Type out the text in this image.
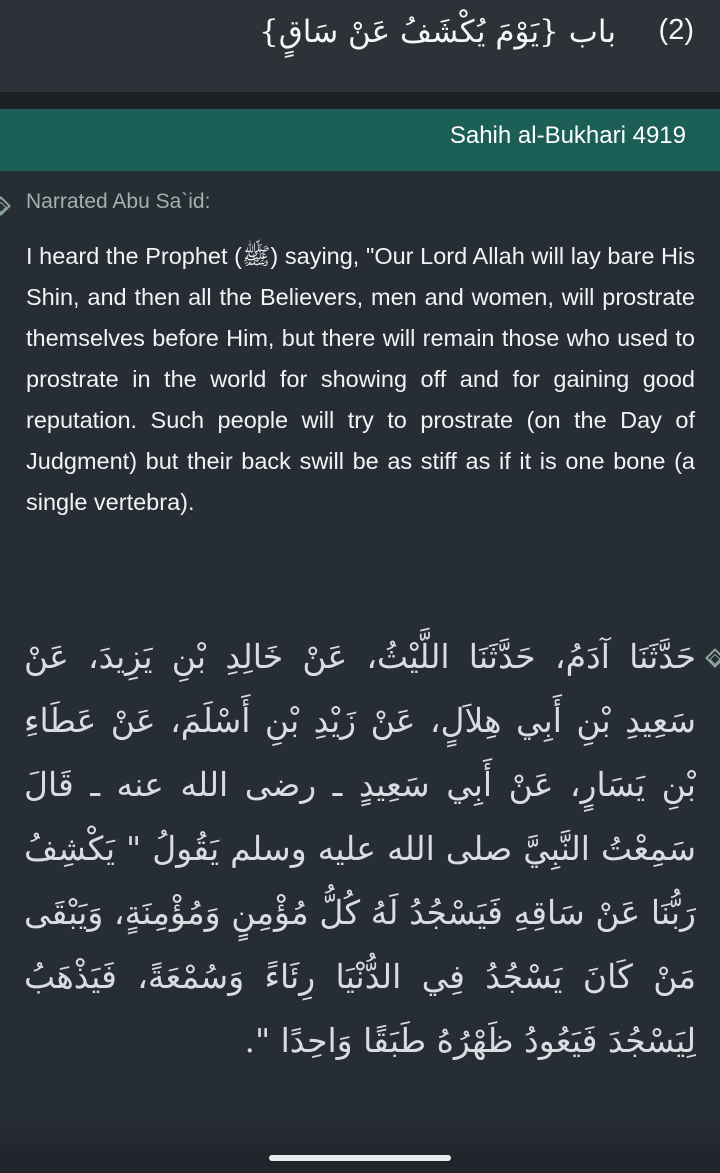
باب {يَوْمَ يُكْشَفُ عَنْ سَاقٍ} (2)
Sahih al-Bukhari 4919
Narrated Abu Sa`id:
I heard the Prophet (ﷺ) saying, "Our Lord Allah will lay bare His Shin, and then all the Believers, men and women, will prostrate themselves before Him, but there will remain those who used to prostrate in the world for showing off and for gaining good reputation. Such people will try to prostrate (on the Day of Judgment) but their back swill be as stiff as if it is one bone (a single vertebra).
حَدَّثَنَا آدَمُ، حَدَّثَنَا اللَّيْثُ، عَنْ خَالِدِ بْنِ يَزِيدَ، عَنْ سَعِيدِ بْنِ أَبِي هِلاَلٍ، عَنْ زَيْدِ بْنِ أَسْلَمَ، عَنْ عَطَاءِ بْنِ يَسَارٍ، عَنْ أَبِي سَعِيدٍ ـ رضى الله عنه ـ قَالَ سَمِعْتُ النَّبِيَّ صلى الله عليه وسلم يَقُولُ " يَكْشِفُ رَبُّنَا عَنْ سَاقِهِ فَيَسْجُدُ لَهُ كُلُّ مُؤْمِنٍ وَمُؤْمِنَةٍ، وَيَبْقَى مَنْ كَانَ يَسْجُدُ فِي الدُّنْيَا رِئَاءً وَسُمْعَةً، فَيَذْهَبُ لِيَسْجُدَ فَيَعُودُ ظَهْرُهُ طَبَقًا وَاحِدًا ".
